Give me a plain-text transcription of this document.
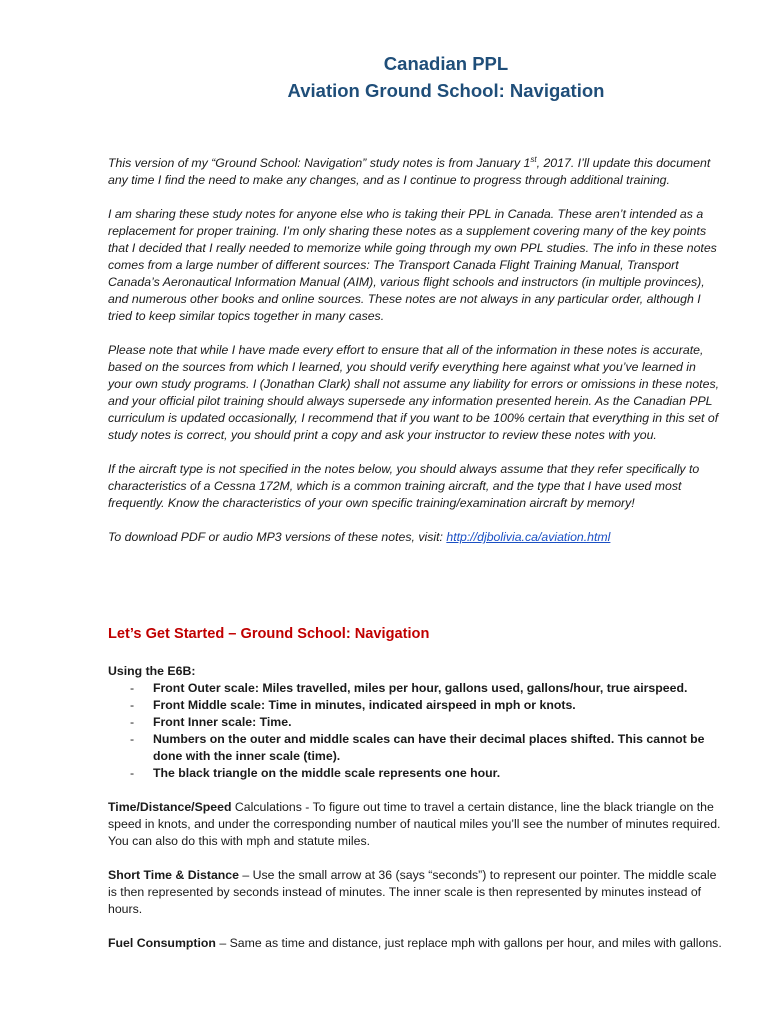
Canadian PPL
Aviation Ground School: Navigation

This version of my “Ground School: Navigation” study notes is from January 1st, 2017. I’ll update this document any time I find the need to make any changes, and as I continue to progress through additional training.

I am sharing these study notes for anyone else who is taking their PPL in Canada. These aren’t intended as a replacement for proper training. I’m only sharing these notes as a supplement covering many of the key points that I decided that I really needed to memorize while going through my own PPL studies. The info in these notes comes from a large number of different sources: The Transport Canada Flight Training Manual, Transport Canada’s Aeronautical Information Manual (AIM), various flight schools and instructors (in multiple provinces), and numerous other books and online sources. These notes are not always in any particular order, although I tried to keep similar topics together in many cases.

Please note that while I have made every effort to ensure that all of the information in these notes is accurate, based on the sources from which I learned, you should verify everything here against what you’ve learned in your own study programs. I (Jonathan Clark) shall not assume any liability for errors or omissions in these notes, and your official pilot training should always supersede any information presented herein. As the Canadian PPL curriculum is updated occasionally, I recommend that if you want to be 100% certain that everything in this set of study notes is correct, you should print a copy and ask your instructor to review these notes with you.

If the aircraft type is not specified in the notes below, you should always assume that they refer specifically to characteristics of a Cessna 172M, which is a common training aircraft, and the type that I have used most frequently. Know the characteristics of your own specific training/examination aircraft by memory!

To download PDF or audio MP3 versions of these notes, visit: http://djbolivia.ca/aviation.html

Let’s Get Started – Ground School: Navigation

Using the E6B:

- Front Outer scale: Miles travelled, miles per hour, gallons used, gallons/hour, true airspeed.
- Front Middle scale: Time in minutes, indicated airspeed in mph or knots.
- Front Inner scale: Time.
- Numbers on the outer and middle scales can have their decimal places shifted. This cannot be done with the inner scale (time).
- The black triangle on the middle scale represents one hour.

Time/Distance/Speed Calculations - To figure out time to travel a certain distance, line the black triangle on the speed in knots, and under the corresponding number of nautical miles you’ll see the number of minutes required. You can also do this with mph and statute miles.

Short Time & Distance – Use the small arrow at 36 (says “seconds”) to represent our pointer. The middle scale is then represented by seconds instead of minutes. The inner scale is then represented by minutes instead of hours.

Fuel Consumption – Same as time and distance, just replace mph with gallons per hour, and miles with gallons.
